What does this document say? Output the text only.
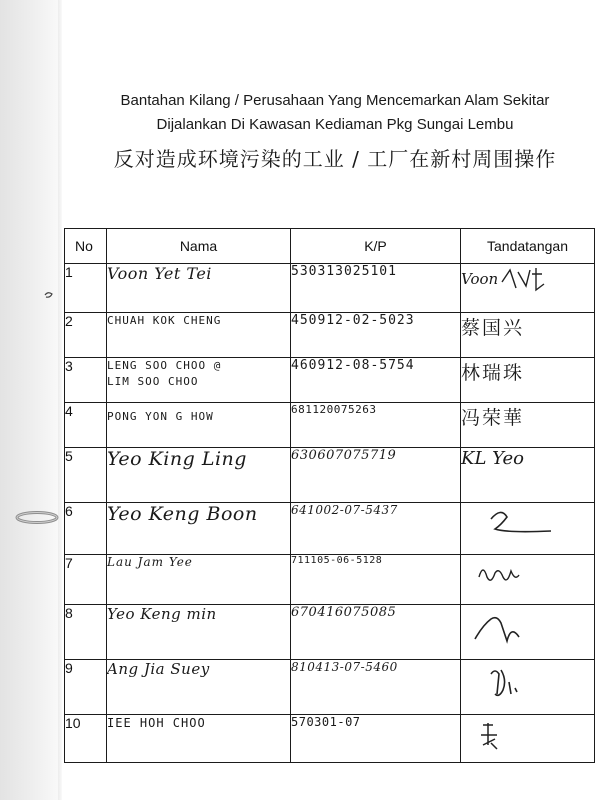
Bantahan Kilang / Perusahaan Yang Mencemarkan Alam Sekitar
Dijalankan Di Kawasan Kediaman Pkg Sungai Lembu
反对造成环境污染的工业 / 工厂在新村周围操作
No	Nama	K/P	Tandatangan
1	Voon Yet Tei	530313025101	Voon

2	CHUAH KOK CHENG	450912-02-5023	蔡国兴

3	LENG SOO CHOO @
LIM SOO CHOO	460912-08-5754	林瑞珠

4	PONG YON G HOW	681120075263	冯荣華

5	Yeo King Ling	630607075719	KL Yeo

6	Yeo Keng Boon	641002-07-5437

7	Lau Jam Yee	711105-06-5128

8	Yeo Keng min	670416075085

9	Ang Jia Suey	810413-07-5460

10	IEE HOH CHOO	570301-07
